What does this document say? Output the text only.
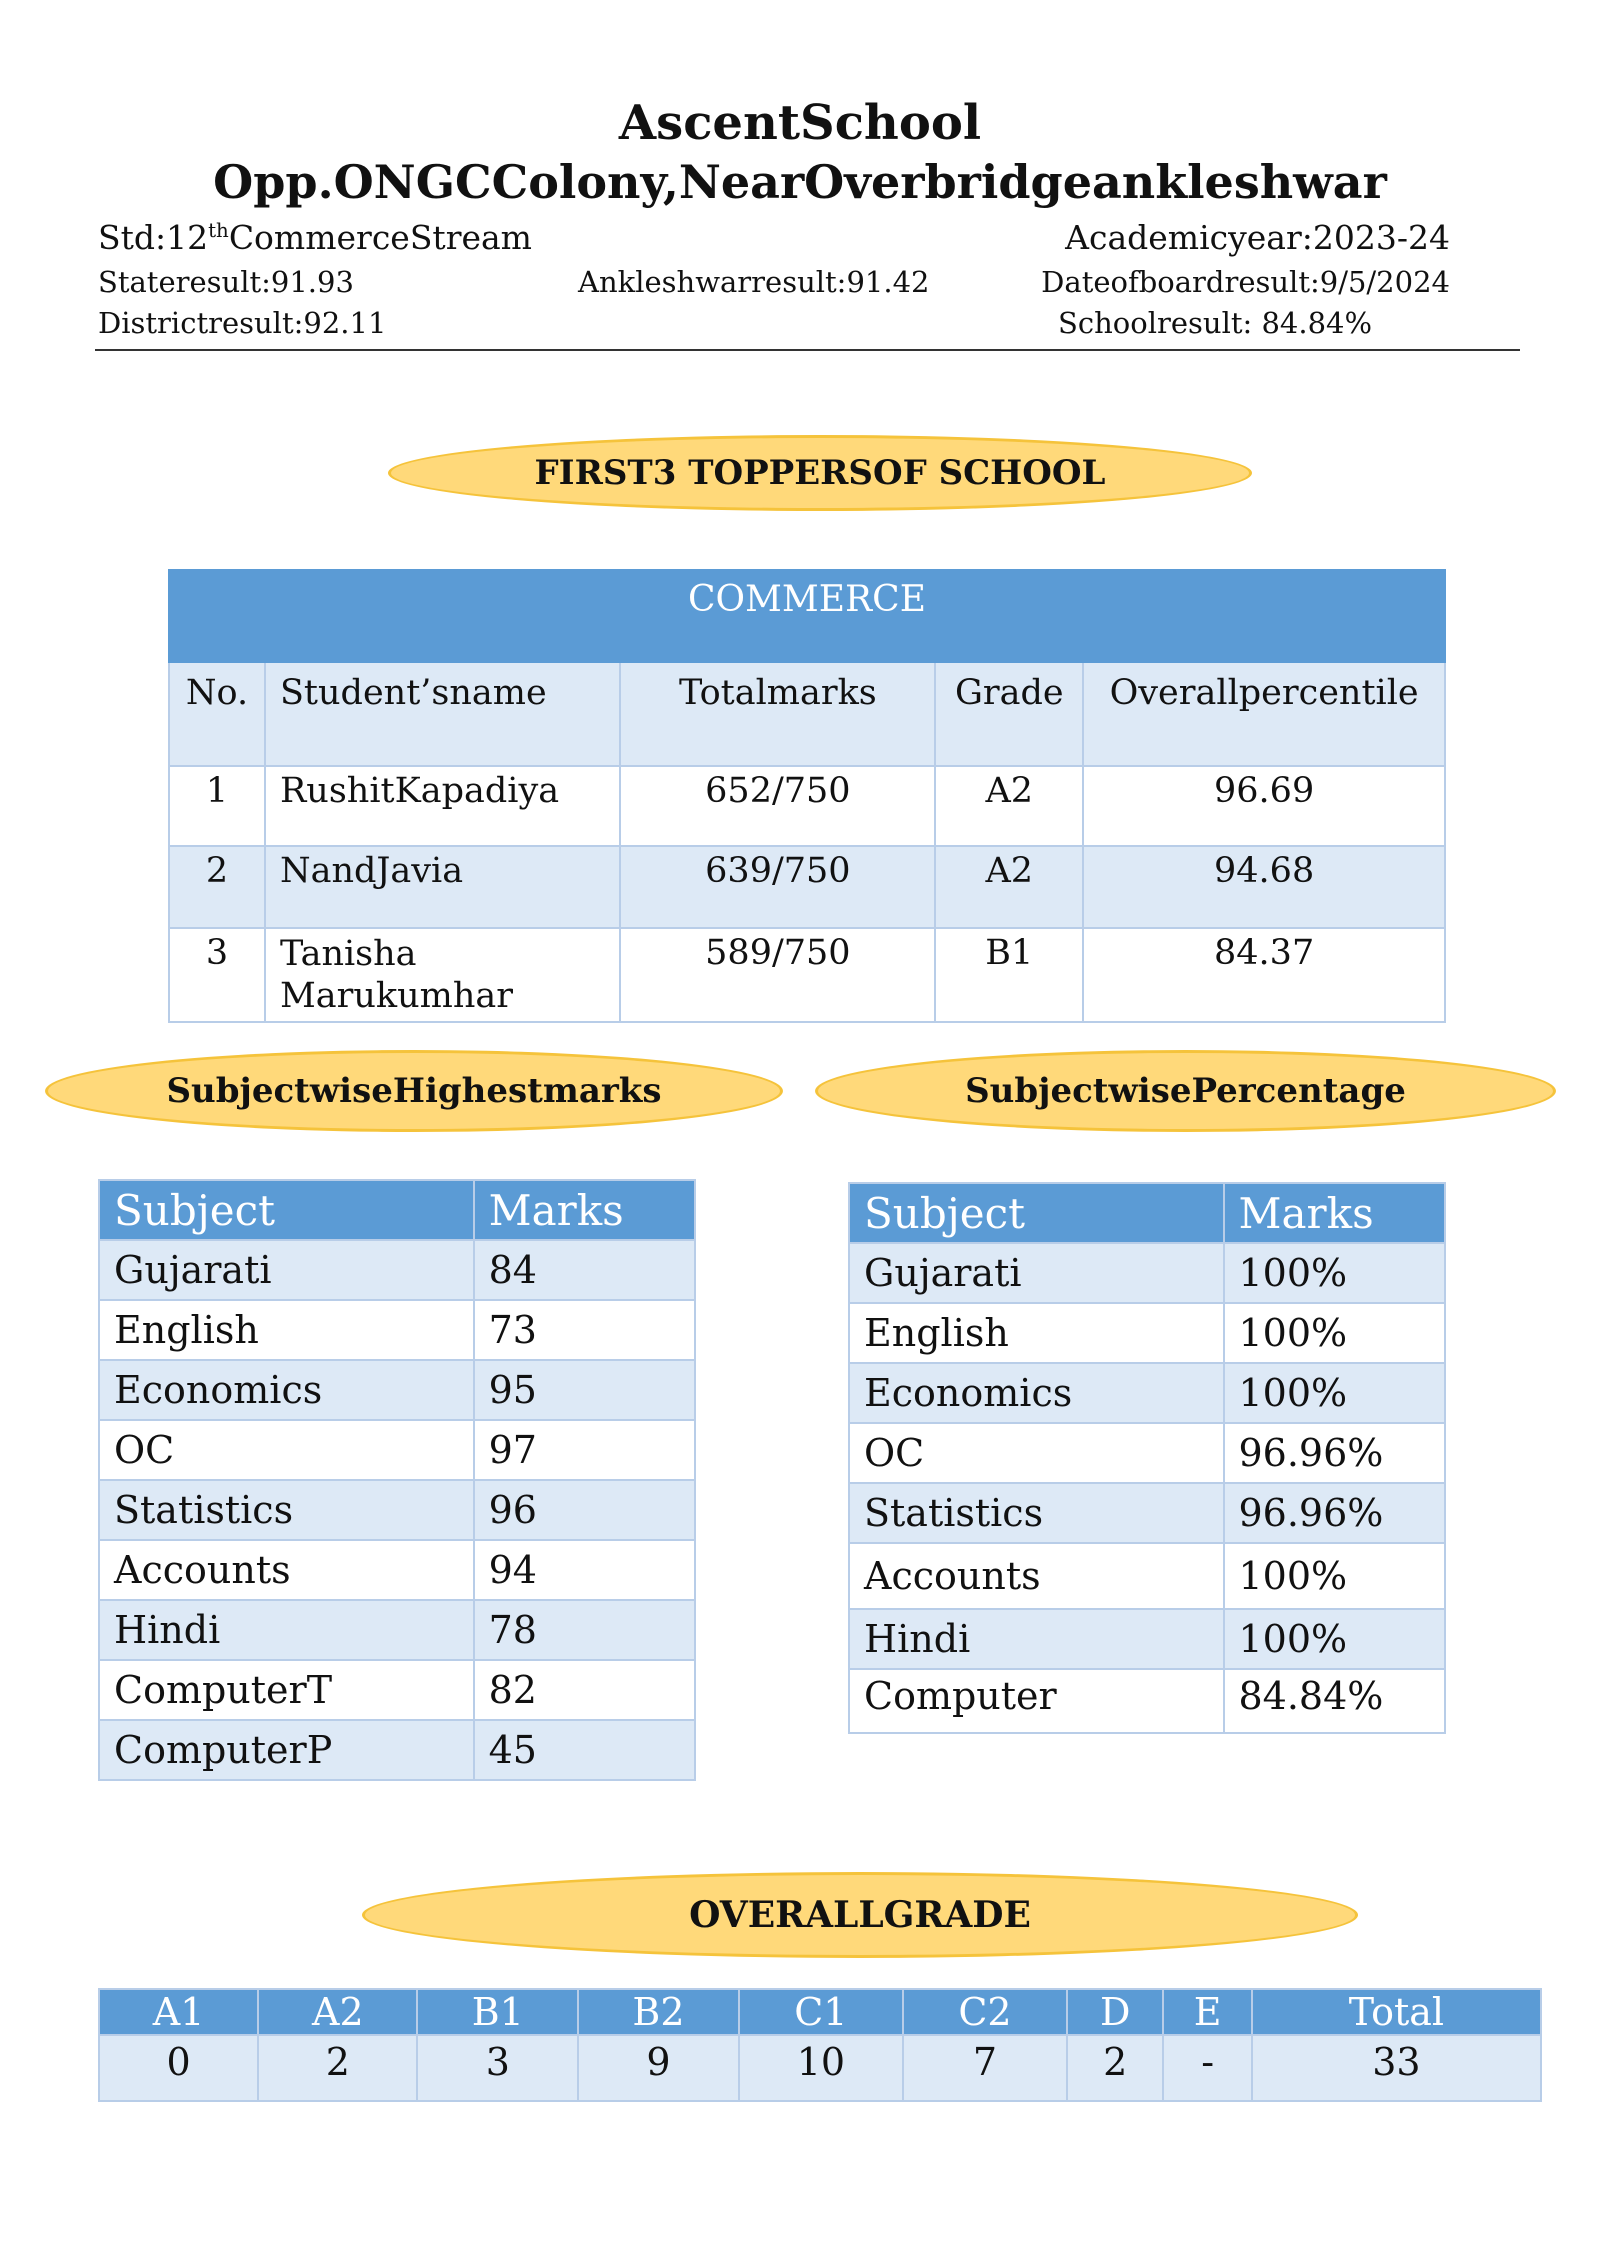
AscentSchool
Opp.ONGCColony,NearOverbridgeankleshwar
Std:12thCommerceStream	Academicyear:2023-24
Stateresult:91.93	Ankleshwarresult:91.42	Dateofboardresult:9/5/2024
Districtresult:92.11	Schoolresult: 84.84%
FIRST3 TOPPERSOF SCHOOL
COMMERCE				
No.	Student’sname	Totalmarks	Grade	Overallpercentile
1	RushitKapadiya	652/750	A2	96.69
2	NandJavia	639/750	A2	94.68
3	Tanisha Marukumhar	589/750	B1	84.37
SubjectwiseHighestmarks	SubjectwisePercentage
Subject	Marks
Gujarati	84
English	73
Economics	95
OC	97
Statistics	96
Accounts	94
Hindi	78
ComputerT	82
ComputerP	45
Subject	Marks
Gujarati	100%
English	100%
Economics	100%
OC	96.96%
Statistics	96.96%
Accounts	100%
Hindi	100%
Computer	84.84%
OVERALLGRADE
A1	A2	B1	B2	C1	C2	D	E	Total
0	2	3	9	10	7	2	-	33
